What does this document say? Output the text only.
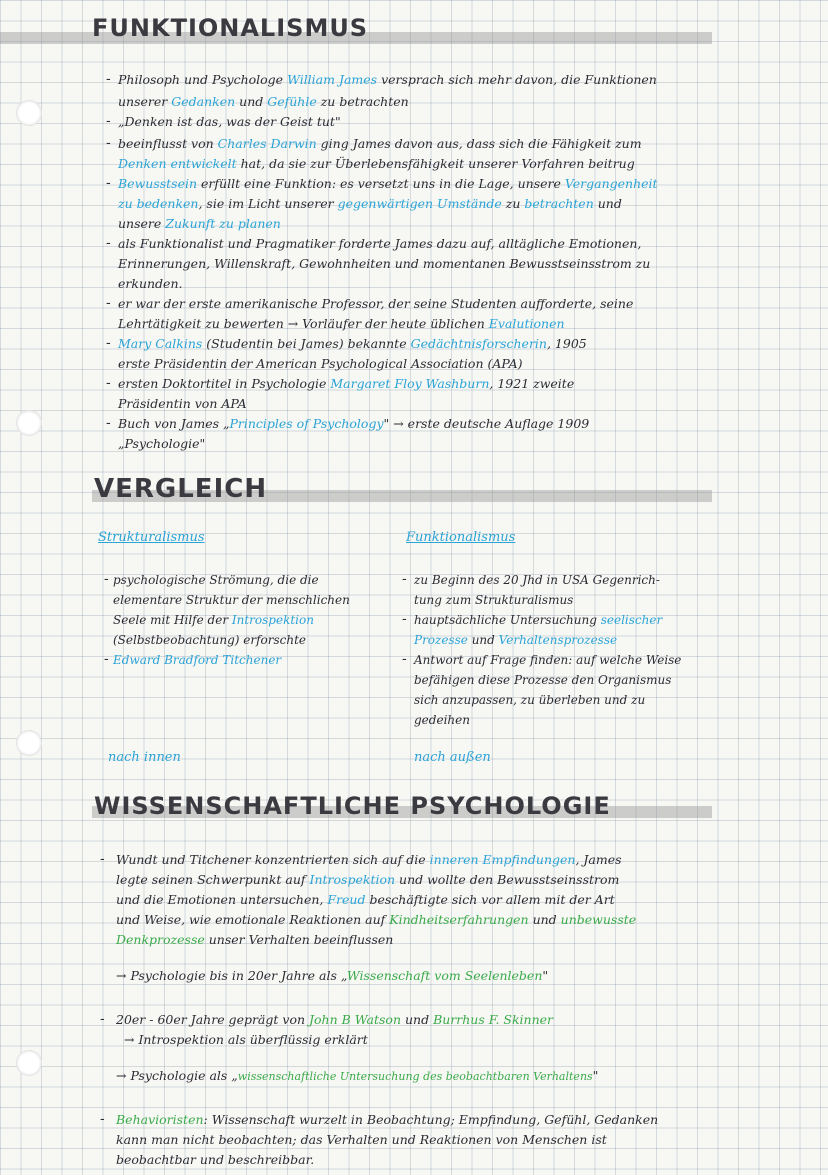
FUNKTIONALISMUS
- Philosoph und Psychologe William James versprach sich mehr davon, die Funktionen
unserer Gedanken und Gefühle zu betrachten
- „Denken ist das, was der Geist tut"
- beeinflusst von Charles Darwin ging James davon aus, dass sich die Fähigkeit zum
Denken entwickelt hat, da sie zur Überlebensfähigkeit unserer Vorfahren beitrug
- Bewusstsein erfüllt eine Funktion: es versetzt uns in die Lage, unsere Vergangenheit
zu bedenken, sie im Licht unserer gegenwärtigen Umstände zu betrachten und
unsere Zukunft zu planen
- als Funktionalist und Pragmatiker forderte James dazu auf, alltägliche Emotionen,
Erinnerungen, Willenskraft, Gewohnheiten und momentanen Bewusstseinsstrom zu
erkunden.
- er war der erste amerikanische Professor, der seine Studenten aufforderte, seine
Lehrtätigkeit zu bewerten → Vorläufer der heute üblichen Evalutionen
- Mary Calkins (Studentin bei James) bekannte Gedächtnisforscherin, 1905
erste Präsidentin der American Psychological Association (APA)
- ersten Doktortitel in Psychologie Margaret Floy Washburn, 1921 zweite
Präsidentin von APA
- Buch von James „Principles of Psychology" → erste deutsche Auflage 1909
„Psychologie"
VERGLEICH
Strukturalismus	Funktionalismus
- psychologische Strömung, die die
elementare Struktur der menschlichen
Seele mit Hilfe der Introspektion
(Selbstbeobachtung) erforschte
- Edward Bradford Titchener
- zu Beginn des 20 Jhd in USA Gegenrich-
tung zum Strukturalismus
- hauptsächliche Untersuchung seelischer
Prozesse und Verhaltensprozesse
- Antwort auf Frage finden: auf welche Weise
befähigen diese Prozesse den Organismus
sich anzupassen, zu überleben und zu
gedeihen
nach innen	nach außen
WISSENSCHAFTLICHE PSYCHOLOGIE
- Wundt und Titchener konzentrierten sich auf die inneren Empfindungen, James
legte seinen Schwerpunkt auf Introspektion und wollte den Bewusstseinsstrom
und die Emotionen untersuchen, Freud beschäftigte sich vor allem mit der Art
und Weise, wie emotionale Reaktionen auf Kindheitserfahrungen und unbewusste
Denkprozesse unser Verhalten beeinflussen
→ Psychologie bis in 20er Jahre als „Wissenschaft vom Seelenleben"
- 20er - 60er Jahre geprägt von John B Watson und Burrhus F. Skinner
→ Introspektion als überflüssig erklärt
→ Psychologie als „wissenschaftliche Untersuchung des beobachtbaren Verhaltens"
- Behavioristen: Wissenschaft wurzelt in Beobachtung; Empfindung, Gefühl, Gedanken
kann man nicht beobachten; das Verhalten und Reaktionen von Menschen ist
beobachtbar und beschreibbar.
